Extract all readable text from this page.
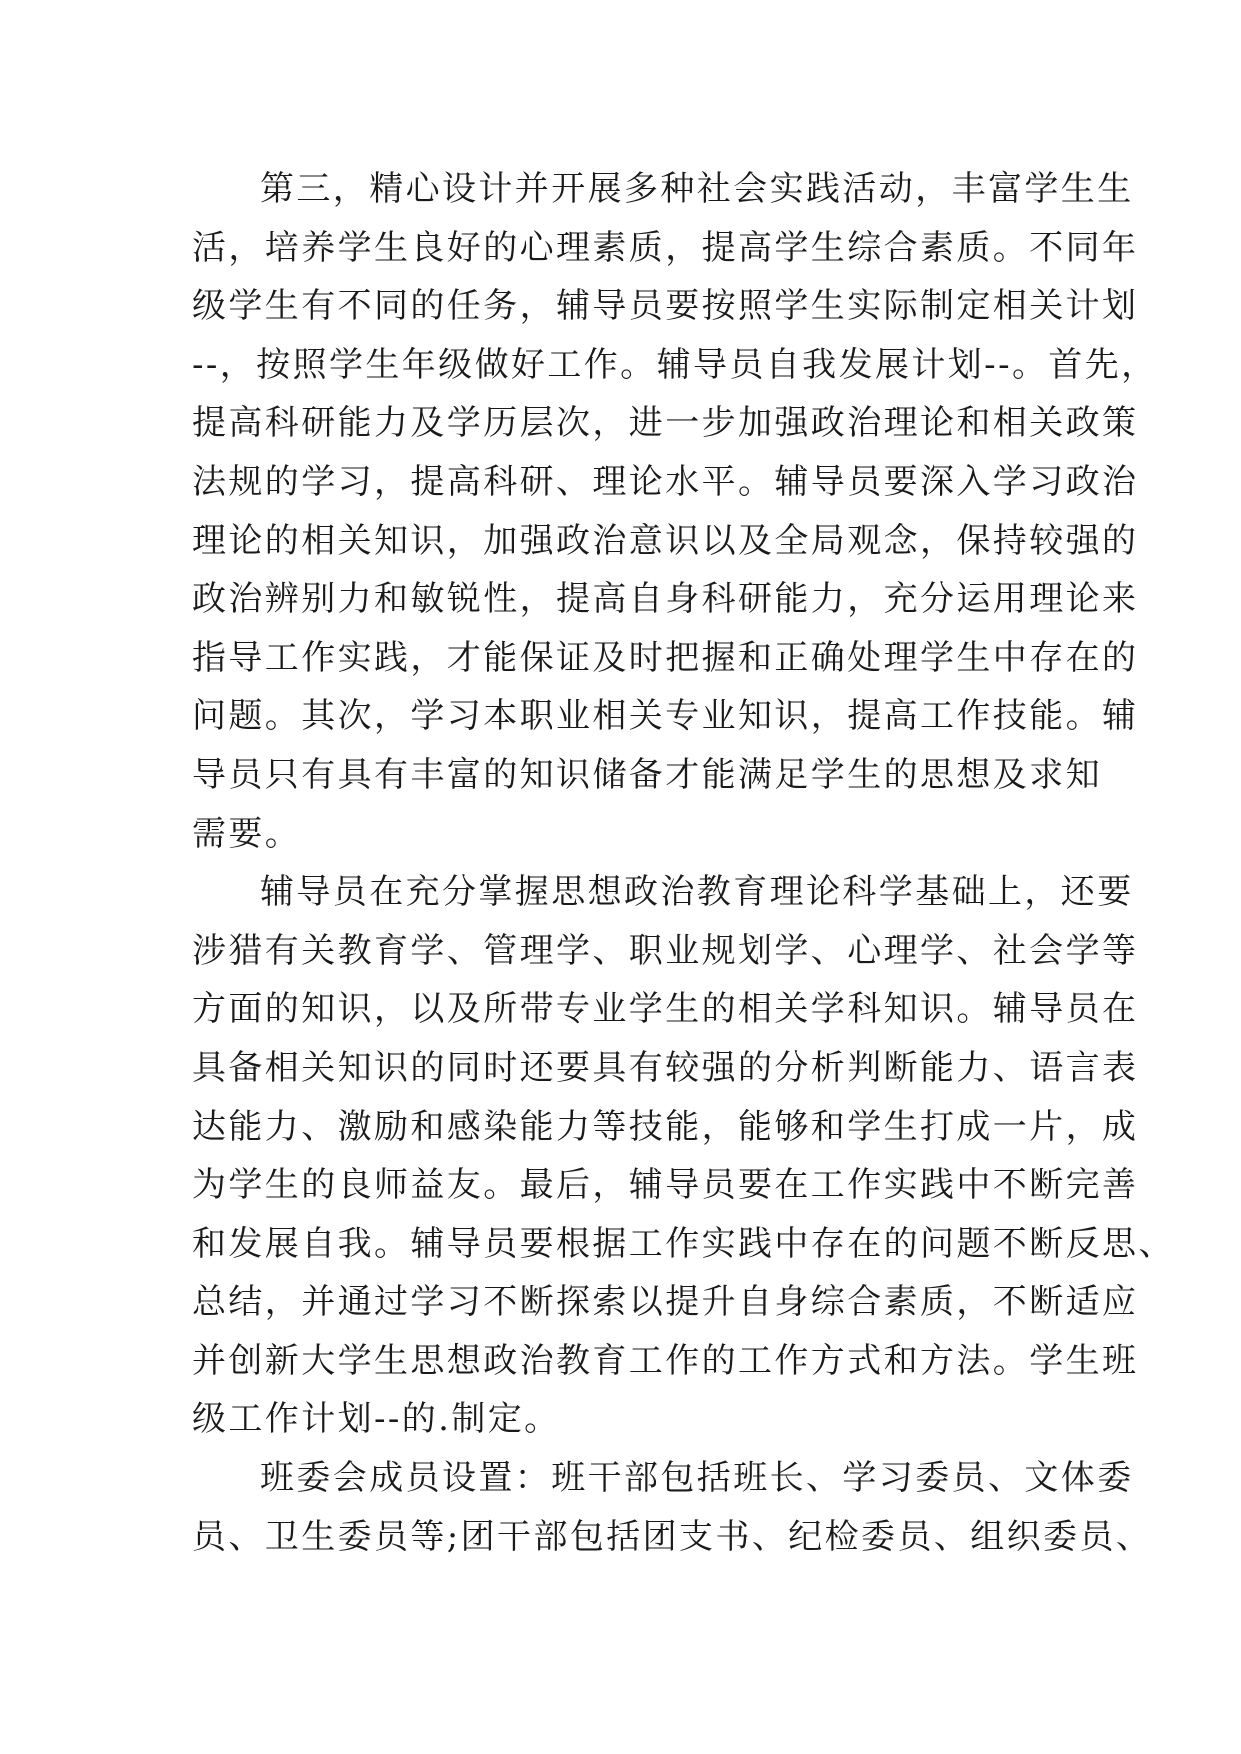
第三，精心设计并开展多种社会实践活动，丰富学生生
活，培养学生良好的心理素质，提高学生综合素质。不同年
级学生有不同的任务，辅导员要按照学生实际制定相关计划
--，按照学生年级做好工作。辅导员自我发展计划--。首先，
提高科研能力及学历层次，进一步加强政治理论和相关政策
法规的学习，提高科研、理论水平。辅导员要深入学习政治
理论的相关知识，加强政治意识以及全局观念，保持较强的
政治辨别力和敏锐性，提高自身科研能力，充分运用理论来
指导工作实践，才能保证及时把握和正确处理学生中存在的
问题。其次，学习本职业相关专业知识，提高工作技能。辅
导员只有具有丰富的知识储备才能满足学生的思想及求知
需要。
辅导员在充分掌握思想政治教育理论科学基础上，还要
涉猎有关教育学、管理学、职业规划学、心理学、社会学等
方面的知识，以及所带专业学生的相关学科知识。辅导员在
具备相关知识的同时还要具有较强的分析判断能力、语言表
达能力、激励和感染能力等技能，能够和学生打成一片，成
为学生的良师益友。最后，辅导员要在工作实践中不断完善
和发展自我。辅导员要根据工作实践中存在的问题不断反思、
总结，并通过学习不断探索以提升自身综合素质，不断适应
并创新大学生思想政治教育工作的工作方式和方法。学生班
级工作计划--的.制定。
班委会成员设置：班干部包括班长、学习委员、文体委
员、卫生委员等;团干部包括团支书、纪检委员、组织委员、
